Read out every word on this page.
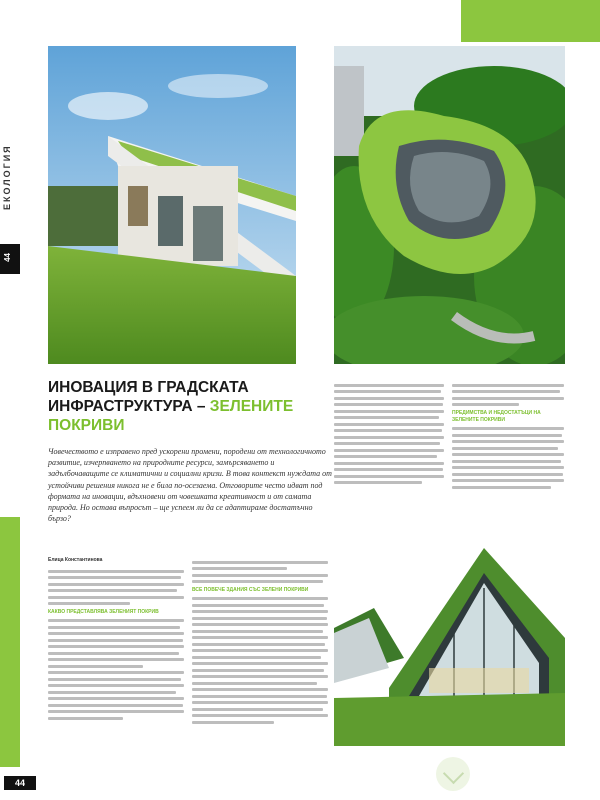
ЕКОЛОГИЯ
44
44
ИНОВАЦИЯ В ГРАДСКАТА ИНФРАСТРУКТУРА – ЗЕЛЕНИТЕ ПОКРИВИ
Човечеството е изправено пред ускорени промени, породени от технологичното развитие, изчерпването на природните ресурси, замърсяването и задълбочаващите се климатични и социални кризи. В това контекст нуждата от устойчиви решения никога не е била по-осезаема. Отговорите често идват под формата на иновации, вдъхновени от човешката креативност и от самата природа. Но остава въпросът – ще успеем ли да се адаптираме достатъчно бързо?
Елица Константинова
КАКВО ПРЕДСТАВЛЯВА ЗЕЛЕНИЯТ ПОКРИВ
ВСЕ ПОВЕЧЕ ЗДАНИЯ СЪС ЗЕЛЕНИ ПОКРИВИ
ПРЕДИМСТВА И НЕДОСТАТЪЦИ НА ЗЕЛЕНИТЕ ПОКРИВИ
